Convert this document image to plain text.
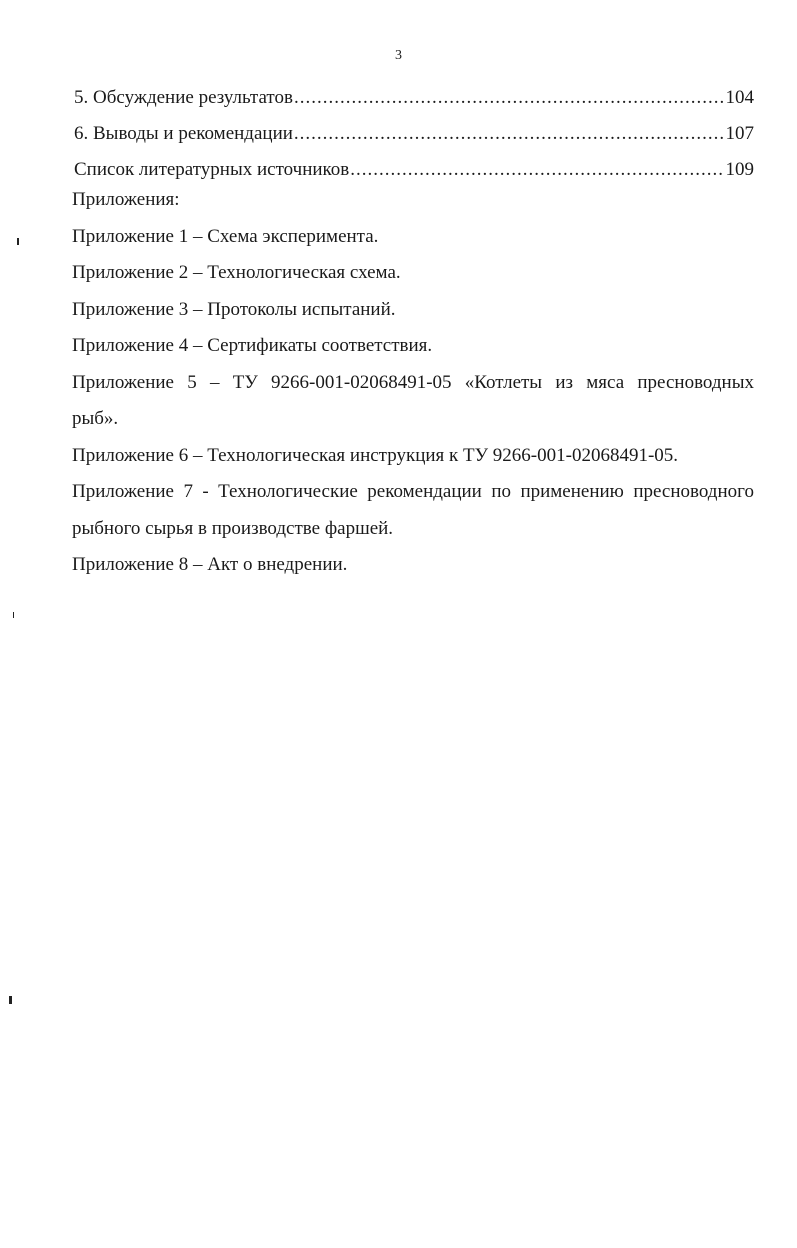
3
5. Обсуждение результатов .....	104
6. Выводы и рекомендации .....	107
Список литературных источников .....	109

Приложения:

Приложение 1 – Схема эксперимента.

Приложение 2 – Технологическая схема.

Приложение 3 – Протоколы испытаний.

Приложение 4 – Сертификаты соответствия.

Приложение 5 – ТУ 9266-001-02068491-05 «Котлеты из мяса пресноводных

рыб».

Приложение 6 – Технологическая инструкция к ТУ 9266-001-02068491-05.

Приложение 7 - Технологические рекомендации по применению пресноводного

рыбного сырья в производстве фаршей.

Приложение 8 – Акт о внедрении.
